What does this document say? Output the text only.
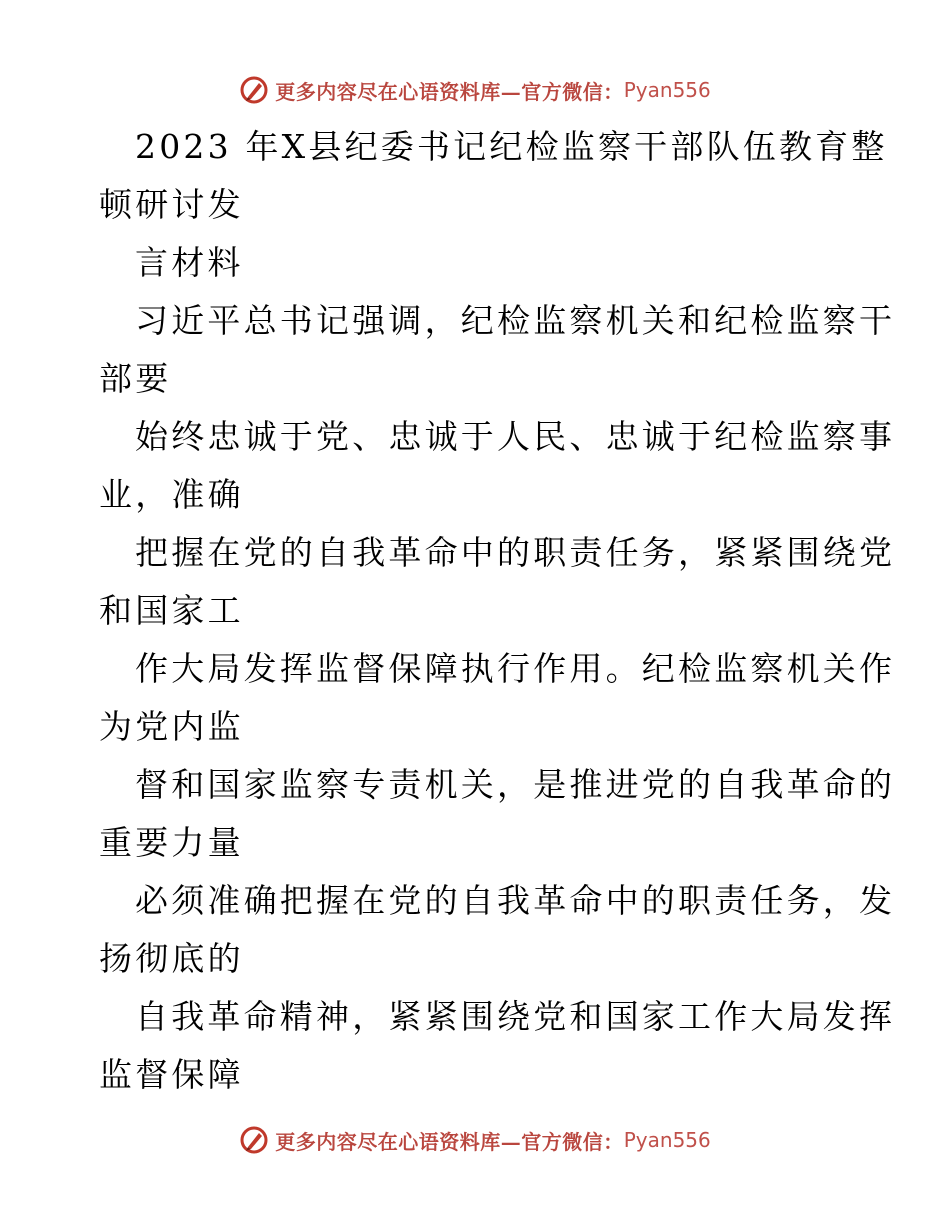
更多内容尽在心语资料库—官方微信： Pyan556

2023 年X县纪委书记纪检监察干部队伍教育整

顿研讨发

言材料

习近平总书记强调，纪检监察机关和纪检监察干

部要

始终忠诚于党、忠诚于人民、忠诚于纪检监察事

业，准确

把握在党的自我革命中的职责任务，紧紧围绕党

和国家工

作大局发挥监督保障执行作用。纪检监察机关作

为党内监

督和国家监察专责机关，是推进党的自我革命的

重要力量

必须准确把握在党的自我革命中的职责任务，发

扬彻底的

自我革命精神，紧紧围绕党和国家工作大局发挥

监督保障

更多内容尽在心语资料库—官方微信： Pyan556
